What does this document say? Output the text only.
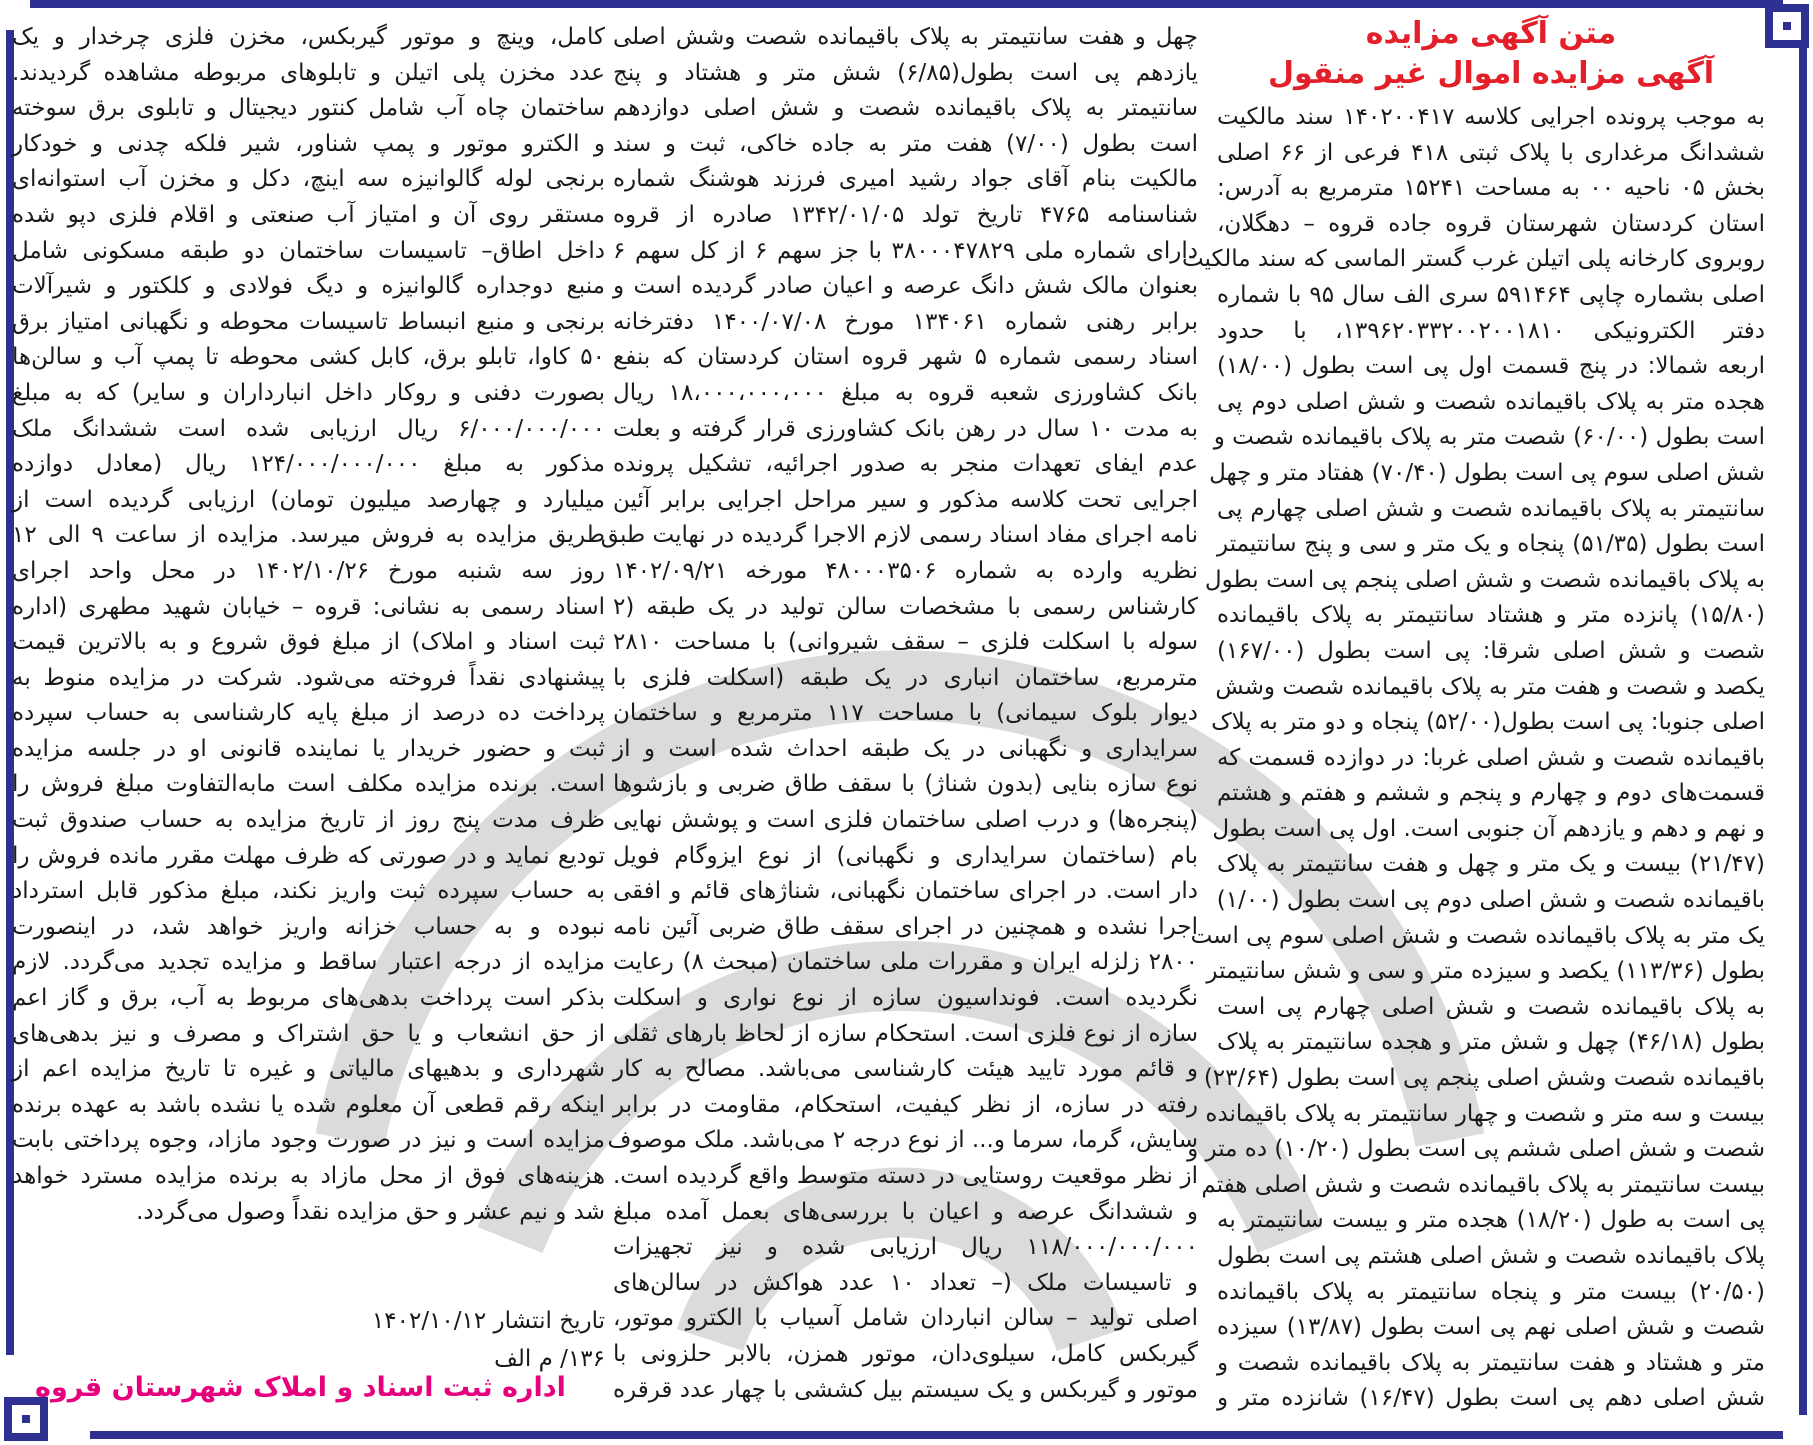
متن آگهی مزایده
آگهی مزایده اموال غیر منقول
به موجب پرونده اجرایی کلاسه ۱۴۰۲۰۰۴۱۷ سند مالکیت
ششدانگ مرغداری با پلاک ثبتی ۴۱۸ فرعی از ۶۶ اصلی
بخش ۰۵ ناحیه ۰۰ به مساحت ۱۵۲۴۱ مترمربع به آدرس:
استان کردستان شهرستان قروه جاده قروه – دهگلان،
روبروی کارخانه پلی اتیلن غرب گستر الماسی که سند مالکیت
اصلی بشماره چاپی ۵۹۱۴۶۴ سری الف سال ۹۵ با شماره
دفتر الکترونیکی ۱۳۹۶۲۰۳۳۲۰۰۲۰۰۱۸۱۰، با حدود
اربعه شمالا: در پنج قسمت اول پی است بطول (۱۸/۰۰)
هجده متر به پلاک باقیمانده شصت و شش اصلی دوم پی
است بطول (۶۰/۰۰) شصت متر به پلاک باقیمانده شصت و
شش اصلی سوم پی است بطول (۷۰/۴۰) هفتاد متر و چهل
سانتیمتر به پلاک باقیمانده شصت و شش اصلی چهارم پی
است بطول (۵۱/۳۵) پنجاه و یک متر و سی و پنج سانتیمتر
به پلاک باقیمانده شصت و شش اصلی پنجم پی است بطول
(۱۵/۸۰) پانزده متر و هشتاد سانتیمتر به پلاک باقیمانده
شصت و شش اصلی شرقا: پی است بطول (۱۶۷/۰۰)
یکصد و شصت و هفت متر به پلاک باقیمانده شصت وشش
اصلی جنوبا: پی است بطول(۵۲/۰۰) پنجاه و دو متر به پلاک
باقیمانده شصت و شش اصلی غربا: در دوازده قسمت که
قسمت‌های دوم و چهارم و پنجم و ششم و هفتم و هشتم
و نهم و دهم و یازدهم آن جنوبی است. اول پی است بطول
(۲۱/۴۷) بیست و یک متر و چهل و هفت سانتیمتر به پلاک
باقیمانده شصت و شش اصلی دوم پی است بطول (۱/۰۰)
یک متر به پلاک باقیمانده شصت و شش اصلی سوم پی است
بطول (۱۱۳/۳۶) یکصد و سیزده متر و سی و شش سانتیمتر
به پلاک باقیمانده شصت و شش اصلی چهارم پی است
بطول (۴۶/۱۸) چهل و شش متر و هجده سانتیمتر به پلاک
باقیمانده شصت وشش اصلی پنجم پی است بطول (۲۳/۶۴)
بیست و سه متر و شصت و چهار سانتیمتر به پلاک باقیمانده
شصت و شش اصلی ششم پی است بطول (۱۰/۲۰) ده متر و
بیست سانتیمتر به پلاک باقیمانده شصت و شش اصلی هفتم
پی است به طول (۱۸/۲۰) هجده متر و بیست سانتیمتر به
پلاک باقیمانده شصت و شش اصلی هشتم پی است بطول
(۲۰/۵۰) بیست متر و پنجاه سانتیمتر به پلاک باقیمانده
شصت و شش اصلی نهم پی است بطول (۱۳/۸۷) سیزده
متر و هشتاد و هفت سانتیمتر به پلاک باقیمانده شصت و
شش اصلی دهم پی است بطول (۱۶/۴۷) شانزده متر و
چهل و هفت سانتیمتر به پلاک باقیمانده شصت وشش اصلی
یازدهم پی است بطول(۶/۸۵) شش متر و هشتاد و پنج
سانتیمتر به پلاک باقیمانده شصت و شش اصلی دوازدهم
است بطول (۷/۰۰) هفت متر به جاده خاکی، ثبت و سند
مالکیت بنام آقای جواد رشید امیری فرزند هوشنگ شماره
شناسنامه ۴۷۶۵ تاریخ تولد ۱۳۴۲/۰۱/۰۵ صادره از قروه
دارای شماره ملی ۳۸۰۰۰۴۷۸۲۹ با جز سهم ۶ از کل سهم ۶
بعنوان مالک شش دانگ عرصه و اعیان صادر گردیده است و
برابر رهنی شماره ۱۳۴۰۶۱ مورخ ۱۴۰۰/۰۷/۰۸ دفترخانه
اسناد رسمی شماره ۵ شهر قروه استان کردستان که بنفع
بانک کشاورزی شعبه قروه به مبلغ ۱۸،۰۰۰،۰۰۰،۰۰۰ ریال
به مدت ۱۰ سال در رهن بانک کشاورزی قرار گرفته و بعلت
عدم ایفای تعهدات منجر به صدور اجرائیه، تشکیل پرونده
اجرایی تحت کلاسه مذکور و سیر مراحل اجرایی برابر آئین
نامه اجرای مفاد اسناد رسمی لازم الاجرا گردیده در نهایت طبق
نظریه وارده به شماره ۴۸۰۰۰۳۵۰۶ مورخه ۱۴۰۲/۰۹/۲۱
کارشناس رسمی با مشخصات سالن تولید در یک طبقه (۲
سوله با اسکلت فلزی – سقف شیروانی) با مساحت ۲۸۱۰
مترمربع، ساختمان انباری در یک طبقه (اسکلت فلزی با
دیوار بلوک سیمانی) با مساحت ۱۱۷ مترمربع و ساختمان
سرایداری و نگهبانی در یک طبقه احداث شده است و از
نوع سازه بنایی (بدون شناژ) با سقف طاق ضربی و بازشوها
(پنجره‌ها) و درب اصلی ساختمان فلزی است و پوشش نهایی
بام (ساختمان سرایداری و نگهبانی) از نوع ایزوگام فویل
دار است. در اجرای ساختمان نگهبانی، شناژهای قائم و افقی
اجرا نشده و همچنین در اجرای سقف طاق ضربی آئین نامه
۲۸۰۰ زلزله ایران و مقررات ملی ساختمان (مبحث ۸) رعایت
نگردیده است. فونداسیون سازه از نوع نواری و اسکلت
سازه از نوع فلزی است. استحکام سازه از لحاظ بارهای ثقلی
و قائم مورد تایید هیئت کارشناسی می‌باشد. مصالح به کار
رفته در سازه، از نظر کیفیت، استحکام، مقاومت در برابر
سایش، گرما، سرما و... از نوع درجه ۲ می‌باشد. ملک موصوف
از نظر موقعیت روستایی در دسته متوسط واقع گردیده است.
و ششدانگ عرصه و اعیان با بررسی‌های بعمل آمده مبلغ
۱۱۸/۰۰۰/۰۰۰/۰۰۰ ریال ارزیابی شده و نیز تجهیزات
و تاسیسات ملک (– تعداد ۱۰ عدد هواکش در سالن‌های
اصلی تولید – سالن انباردان شامل آسیاب با الکترو موتور،
گیربکس کامل، سیلوی‌دان، موتور همزن، بالابر حلزونی با
موتور و گیربکس و یک سیستم بیل کششی با چهار عدد قرقره
کامل، وینچ و موتور گیربکس، مخزن فلزی چرخدار و یک
عدد مخزن پلی اتیلن و تابلوهای مربوطه مشاهده گردیدند.
ساختمان چاه آب شامل کنتور دیجیتال و تابلوی برق سوخته
و الکترو موتور و پمپ شناور، شیر فلکه چدنی و خودکار
برنجی لوله گالوانیزه سه اینچ، دکل و مخزن آب استوانه‌ای
مستقر روی آن و امتیاز آب صنعتی و اقلام فلزی دپو شده
داخل اطاق– تاسیسات ساختمان دو طبقه مسکونی شامل
منبع دوجداره گالوانیزه و دیگ فولادی و کلکتور و شیرآلات
برنجی و منبع انبساط تاسیسات محوطه و نگهبانی امتیاز برق
۵۰ کاوا، تابلو برق، کابل کشی محوطه تا پمپ آب و سالن‌ها
بصورت دفنی و روکار داخل انبارداران و سایر) که به مبلغ
۶/۰۰۰/۰۰۰/۰۰۰ ریال ارزیابی شده است ششدانگ ملک
مذکور به مبلغ ۱۲۴/۰۰۰/۰۰۰/۰۰۰ ریال (معادل دوازده
میلیارد و چهارصد میلیون تومان) ارزیابی گردیده است از
طریق مزایده به فروش میرسد. مزایده از ساعت ۹ الی ۱۲
روز سه شنبه مورخ ۱۴۰۲/۱۰/۲۶ در محل واحد اجرای
اسناد رسمی به نشانی: قروه – خیابان شهید مطهری (اداره
ثبت اسناد و املاک) از مبلغ فوق شروع و به بالاترین قیمت
پیشنهادی نقداً فروخته می‌شود. شرکت در مزایده منوط به
پرداخت ده درصد از مبلغ پایه کارشناسی به حساب سپرده
ثبت و حضور خریدار یا نماینده قانونی او در جلسه مزایده
است. برنده مزایده مکلف است مابه‌التفاوت مبلغ فروش را
ظرف مدت پنج روز از تاریخ مزایده به حساب صندوق ثبت
تودیع نماید و در صورتی که ظرف مهلت مقرر مانده فروش را
به حساب سپرده ثبت واریز نکند، مبلغ مذکور قابل استرداد
نبوده و به حساب خزانه واریز خواهد شد، در اینصورت
مزایده از درجه اعتبار ساقط و مزایده تجدید می‌گردد. لازم
بذکر است پرداخت بدهی‌های مربوط به آب، برق و گاز اعم
از حق انشعاب و یا حق اشتراک و مصرف و نیز بدهی‌های
شهرداری و بدهیهای مالیاتی و غیره تا تاریخ مزایده اعم از
اینکه رقم قطعی آن معلوم شده یا نشده باشد به عهده برنده
مزایده است و نیز در صورت وجود مازاد، وجوه پرداختی بابت
هزینه‌های فوق از محل مازاد به برنده مزایده مسترد خواهد
شد و نیم عشر و حق مزایده نقداً وصول می‌گردد.
تاریخ انتشار ۱۴۰۲/۱۰/۱۲
۱۳۶/ م الف
اداره ثبت اسناد و املاک شهرستان قروه
